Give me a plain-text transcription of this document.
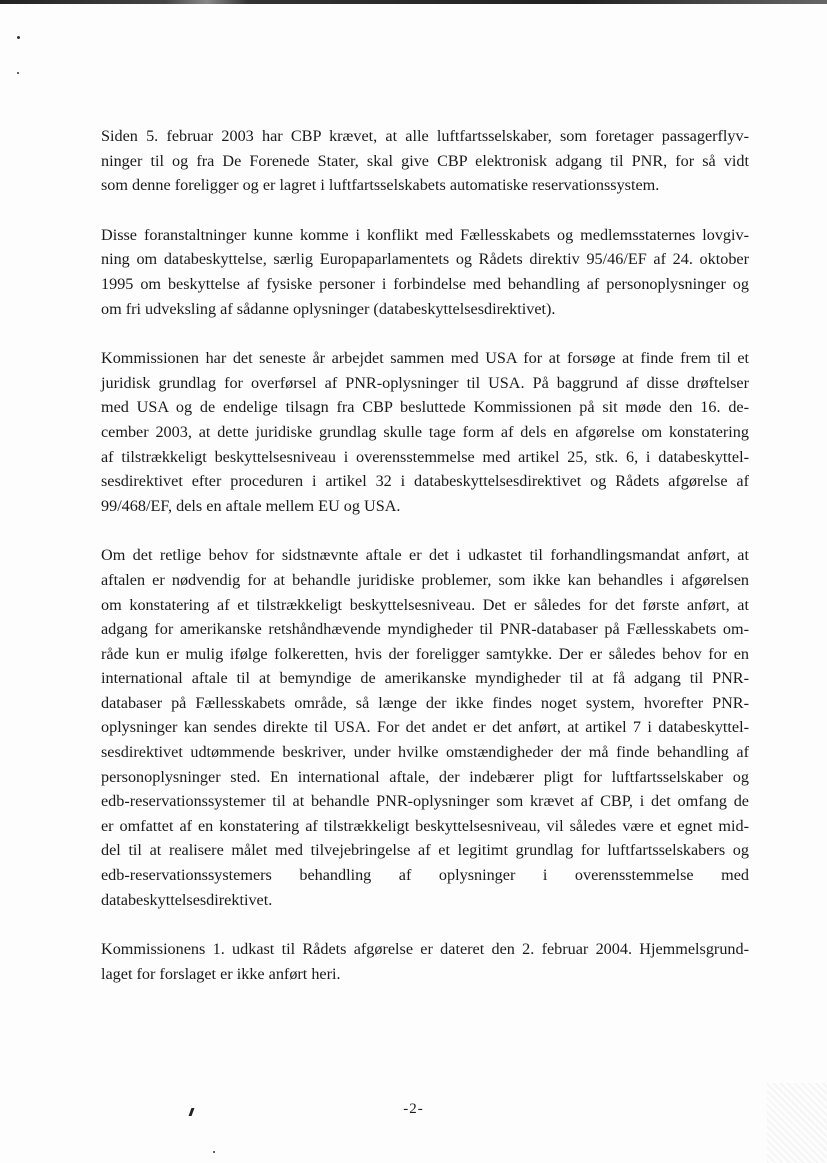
Siden 5. februar 2003 har CBP krævet, at alle luftfartsselskaber, som foretager passagerflyv-
ninger til og fra De Forenede Stater, skal give CBP elektronisk adgang til PNR, for så vidt
som denne foreligger og er lagret i luftfartsselskabets automatiske reservationssystem.
Disse foranstaltninger kunne komme i konflikt med Fællesskabets og medlemsstaternes lovgiv-
ning om databeskyttelse, særlig Europaparlamentets og Rådets direktiv 95/46/EF af 24. oktober
1995 om beskyttelse af fysiske personer i forbindelse med behandling af personoplysninger og
om fri udveksling af sådanne oplysninger (databeskyttelsesdirektivet).
Kommissionen har det seneste år arbejdet sammen med USA for at forsøge at finde frem til et
juridisk grundlag for overførsel af PNR-oplysninger til USA. På baggrund af disse drøftelser
med USA og de endelige tilsagn fra CBP besluttede Kommissionen på sit møde den 16. de-
cember 2003, at dette juridiske grundlag skulle tage form af dels en afgørelse om konstatering
af tilstrækkeligt beskyttelsesniveau i overensstemmelse med artikel 25, stk. 6, i databeskyttel-
sesdirektivet efter proceduren i artikel 32 i databeskyttelsesdirektivet og Rådets afgørelse af
99/468/EF, dels en aftale mellem EU og USA.
Om det retlige behov for sidstnævnte aftale er det i udkastet til forhandlingsmandat anført, at
aftalen er nødvendig for at behandle juridiske problemer, som ikke kan behandles i afgørelsen
om konstatering af et tilstrækkeligt beskyttelsesniveau. Det er således for det første anført, at
adgang for amerikanske retshåndhævende myndigheder til PNR-databaser på Fællesskabets om-
råde kun er mulig ifølge folkeretten, hvis der foreligger samtykke. Der er således behov for en
international aftale til at bemyndige de amerikanske myndigheder til at få adgang til PNR-
databaser på Fællesskabets område, så længe der ikke findes noget system, hvorefter PNR-
oplysninger kan sendes direkte til USA. For det andet er det anført, at artikel 7 i databeskyttel-
sesdirektivet udtømmende beskriver, under hvilke omstændigheder der må finde behandling af
personoplysninger sted. En international aftale, der indebærer pligt for luftfartsselskaber og
edb-reservationssystemer til at behandle PNR-oplysninger som krævet af CBP, i det omfang de
er omfattet af en konstatering af tilstrækkeligt beskyttelsesniveau, vil således være et egnet mid-
del til at realisere målet med tilvejebringelse af et legitimt grundlag for luftfartsselskabers og
edb-reservationssystemers behandling af oplysninger i overensstemmelse med
databeskyttelsesdirektivet.
Kommissionens 1. udkast til Rådets afgørelse er dateret den 2. februar 2004. Hjemmelsgrund-
laget for forslaget er ikke anført heri.
-2-
